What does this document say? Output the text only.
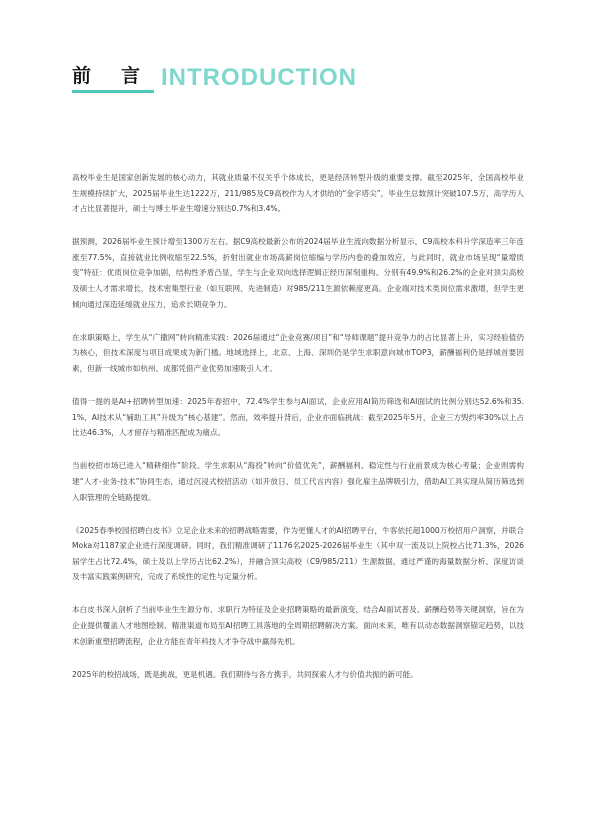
前言
INTRODUCTION

高校毕业生是国家创新发展的核心动力，其就业质量不仅关乎个体成长，更是经济转型升级的重要支撑。截至2025年，全国高校毕业生规模持续扩大，2025届毕业生达1222万，211/985及C9高校作为人才供给的“金字塔尖”，毕业生总数预计突破107.5万，高学历人才占比显著提升，硕士与博士毕业生增速分别达0.7%和3.4%。

据预测，2026届毕业生预计增至1300万左右。据C9高校最新公布的2024届毕业生流向数据分析显示，C9高校本科升学深造率三年连涨至77.5%，直接就业比例收缩至22.5%，折射出就业市场高薪岗位缩编与学历内卷的叠加效应。与此同时，就业市场呈现“量增质变”特征：优质岗位竞争加剧，结构性矛盾凸显，学生与企业双向选择逻辑正经历深刻重构。分别有49.9%和26.2%的企业对顶尖高校及硕士人才需求增长，技术密集型行业（如互联网、先进制造）对985/211生源依赖度更高。企业端对技术类岗位需求激增，但学生更倾向通过深造延缓就业压力，追求长期竞争力。

在求职策略上，学生从“广撒网”转向精准实践：2026届通过“企业竞赛/项目”和“导师课题”提升竞争力的占比显著上升，实习经验值仍为核心，但技术深度与项目成果成为新门槛。地域选择上，北京、上海、深圳仍是学生求职意向城市TOP3，薪酬福利仍是择城首要因素，但新一线城市如杭州、成都凭借产业优势加速吸引人才。

值得一提的是AI+招聘转型加速：2025年春招中，72.4%学生参与AI面试，企业应用AI简历筛选和AI面试的比例分别达52.6%和35.1%，AI技术从“辅助工具”升级为“核心基建”。然而，效率提升背后，企业亦面临挑战：截至2025年5月，企业三方毁约率30%以上占比达46.3%，人才留存与精准匹配成为痛点。

当前校招市场已进入“精耕细作”阶段。学生求职从“海投”转向“价值优先”，薪酬福利、稳定性与行业前景成为核心考量；企业则需构建“人才-业务-技术”协同生态，通过沉浸式校招活动（如开放日、员工代言内容）强化雇主品牌吸引力，借助AI工具实现从简历筛选到入职管理的全链路提效。

《2025春季校园招聘白皮书》立足企业未来的招聘战略需要，作为更懂人才的AI招聘平台，牛客依托超1000万校招用户洞察，并联合Moka对1187家企业进行深度调研。同时，我们精准调研了1176名2025-2026届毕业生（其中双一流及以上院校占比71.3%，2026届学生占比72.4%，硕士及以上学历占比62.2%），并融合顶尖高校（C9/985/211）生源数据，通过严谨的海量数据分析、深度访谈及丰富实践案例研究，完成了系统性的定性与定量分析。

本白皮书深入剖析了当前毕业生生源分布、求职行为特征及企业招聘策略的最新演变，结合AI面试普及、薪酬趋势等关键洞察，旨在为企业提供覆盖人才地图绘制、精准渠道布局至AI招聘工具落地的全周期招聘解决方案。面向未来，唯有以动态数据洞察锚定趋势，以技术创新重塑招聘流程，企业方能在青年科技人才争夺战中赢得先机。

2025年的校招战场，既是挑战，更是机遇。我们期待与各方携手，共同探索人才与价值共振的新可能。
